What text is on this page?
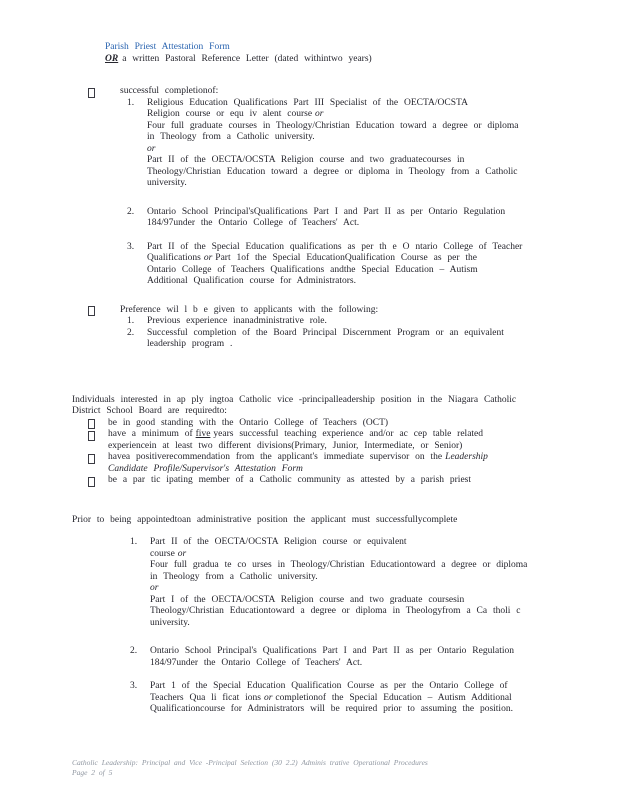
Parish Priest Attestation Form
OR a written Pastoral Reference Letter (dated withintwo years)
successful completionof:
1.	Religious Education Qualifications Part III Specialist of the OECTA/OCSTA
Religion course or equ iv alent course or
Four full graduate courses in Theology/Christian Education toward a degree or diploma
in Theology from a Catholic university.
or
Part II of the OECTA/OCSTA Religion course and two graduatecourses in
Theology/Christian Education toward a degree or diploma in Theology from a Catholic
university.
2.	Ontario School Principal'sQualifications Part I and Part II as per Ontario Regulation
184/97under the Ontario College of Teachers' Act.
3.	Part II of the Special Education qualifications as per th e O ntario College of Teacher
Qualifications or Part 1of the Special EducationQualification Course as per the
Ontario College of Teachers Qualifications andthe Special Education – Autism
Additional Qualification course for Administrators.
Preference wil l b e given to applicants with the following:
1.	Previous experience inanadministrative role.
2.	Successful completion of the Board Principal Discernment Program or an equivalent
leadership program .
Individuals interested in ap ply ingtoa Catholic vice -principalleadership position in the Niagara Catholic
District School Board are requiredto:
be in good standing with the Ontario College of Teachers (OCT)
have a minimum of five years successful teaching experience and/or ac cep table related
experiencein at least two different divisions(Primary, Junior, Intermediate, or Senior)
havea positiverecommendation from the applicant's immediate supervisor on the Leadership
Candidate Profile/Supervisor's Attestation Form
be a par tic ipating member of a Catholic community as attested by a parish priest
Prior to being appointedtoan administrative position the applicant must successfullycomplete
1.	Part II of the OECTA/OCSTA Religion course or equivalent
course or
Four full gradua te co urses in Theology/Christian Educationtoward a degree or diploma
in Theology from a Catholic university.
or
Part I of the OECTA/OCSTA Religion course and two graduate coursesin
Theology/Christian Educationtoward a degree or diploma in Theologyfrom a Ca tholi c
university.
2.	Ontario School Principal's Qualifications Part I and Part II as per Ontario Regulation
184/97under the Ontario College of Teachers' Act.
3.	Part 1 of the Special Education Qualification Course as per the Ontario College of
Teachers Qua li ficat ions or completionof the Special Education – Autism Additional
Qualificationcourse for Administrators will be required prior to assuming the position.
Catholic Leadership: Principal and Vice -Principal Selection (30 2.2) Adminis trative Operational Procedures
Page 2 of 5
